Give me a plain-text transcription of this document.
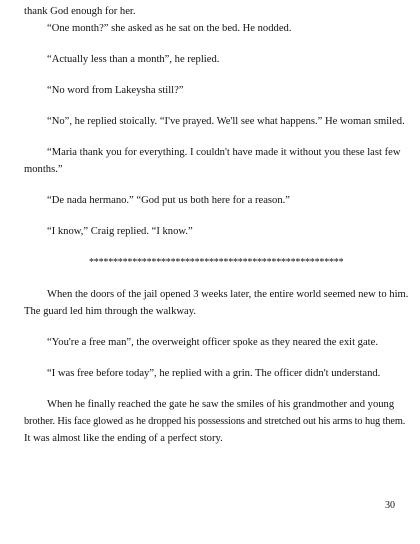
thank God enough for her.

“One month?” she asked as he sat on the bed. He nodded.

“Actually less than a month”, he replied.

“No word from Lakeysha still?”

“No”, he replied stoically. “I've prayed. We'll see what happens.” He woman smiled.

“Maria thank you for everything. I couldn't have made it without you these last few

months.”

“De nada hermano.” “God put us both here for a reason.”

“I know,” Craig replied. “I know.”

*****************************************************

When the doors of the jail opened 3 weeks later, the entire world seemed new to him.

The guard led him through the walkway.

“You're a free man”, the overweight officer spoke as they neared the exit gate.

“I was free before today”, he replied with a grin. The officer didn't understand.

When he finally reached the gate he saw the smiles of his grandmother and young

brother. His face glowed as he dropped his possessions and stretched out his arms to hug them.

It was almost like the ending of a perfect story.

30
